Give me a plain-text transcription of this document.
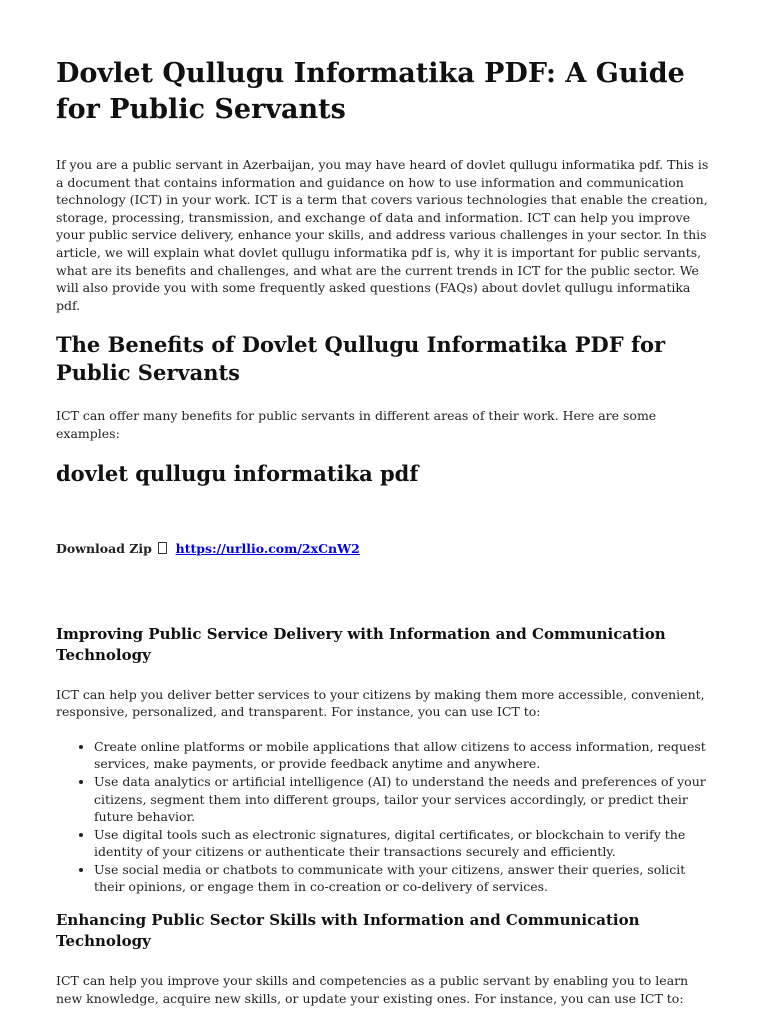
Dovlet Qullugu Informatika PDF: A Guide for Public Servants

If you are a public servant in Azerbaijan, you may have heard of dovlet qullugu informatika pdf. This is a document that contains information and guidance on how to use information and communication technology (ICT) in your work. ICT is a term that covers various technologies that enable the creation, storage, processing, transmission, and exchange of data and information. ICT can help you improve your public service delivery, enhance your skills, and address various challenges in your sector. In this article, we will explain what dovlet qullugu informatika pdf is, why it is important for public servants, what are its benefits and challenges, and what are the current trends in ICT for the public sector. We will also provide you with some frequently asked questions (FAQs) about dovlet qullugu informatika pdf.

The Benefits of Dovlet Qullugu Informatika PDF for Public Servants

ICT can offer many benefits for public servants in different areas of their work. Here are some examples:

dovlet qullugu informatika pdf
Download Zip https://urllio.com/2xCnW2
Improving Public Service Delivery with Information and Communication Technology

ICT can help you deliver better services to your citizens by making them more accessible, convenient, responsive, personalized, and transparent. For instance, you can use ICT to:

• Create online platforms or mobile applications that allow citizens to access information, request services, make payments, or provide feedback anytime and anywhere.
• Use data analytics or artificial intelligence (AI) to understand the needs and preferences of your citizens, segment them into different groups, tailor your services accordingly, or predict their future behavior.
• Use digital tools such as electronic signatures, digital certificates, or blockchain to verify the identity of your citizens or authenticate their transactions securely and efficiently.
• Use social media or chatbots to communicate with your citizens, answer their queries, solicit their opinions, or engage them in co-creation or co-delivery of services.
Enhancing Public Sector Skills with Information and Communication Technology

ICT can help you improve your skills and competencies as a public servant by enabling you to learn new knowledge, acquire new skills, or update your existing ones. For instance, you can use ICT to:
